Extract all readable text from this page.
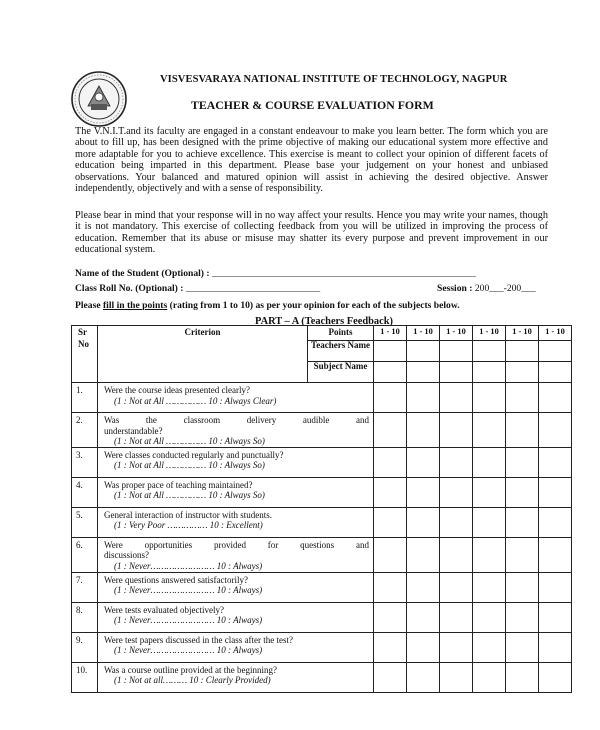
VISVESVARAYA NATIONAL INSTITUTE OF TECHNOLOGY, NAGPUR
TEACHER & COURSE EVALUATION FORM

The V.N.I.T.and its faculty are engaged in a constant endeavour to make you learn better. The form which you are about to fill up, has been designed with the prime objective of making our educational system more effective and more adaptable for you to achieve excellence. This exercise is meant to collect your opinion of different facets of education being imparted in this department. Please base your judgement on your honest and unbiased observations. Your balanced and matured opinion will assist in achieving the desired objective. Answer independently, objectively and with a sense of responsibility.

Please bear in mind that your response will in no way affect your results. Hence you may write your names, though it is not mandatory. This exercise of collecting feedback from you will be utilized in improving the process of education. Remember that its abuse or misuse may shatter its every purpose and prevent improvement in our educational system.

Name of the Student (Optional) : _______________________________________________________
Class Roll No. (Optional) : ____________________________	Session : 200___-200___
Please fill in the points (rating from 1 to 10) as per your opinion for each of the subjects below.
PART – A (Teachers Feedback)
Sr No	Criterion	Points	1 - 10	1 - 10	1 - 10	1 - 10	1 - 10	1 - 10
		Teachers Name						
		Subject Name						
1.	Were the course ideas presented clearly?
(1 : Not at All …………… 10 : Always Clear)							

2.	Was the classroom delivery audible and
understandable?
(1 : Not at All …………… 10 : Always So)							

3.	Were classes conducted regularly and punctually?
(1 : Not at All …………… 10 : Always So)							

4.	Was proper pace of teaching maintained?
(1 : Not at All …………… 10 : Always So)							

5.	General interaction of instructor with students.
(1 : Very Poor …………… 10 : Excellent)							

6.	Were opportunities provided for questions and
discussions?
(1 : Never…………………… 10 : Always)							

7.	Were questions answered satisfactorily?
(1 : Never…………………… 10 : Always)							

8.	Were tests evaluated objectively?
(1 : Never…………………… 10 : Always)							

9.	Were test papers discussed in the class after the test?
(1 : Never…………………… 10 : Always)							

10.	Was a course outline provided at the beginning?
(1 : Not at all……… 10 : Clearly Provided)							
